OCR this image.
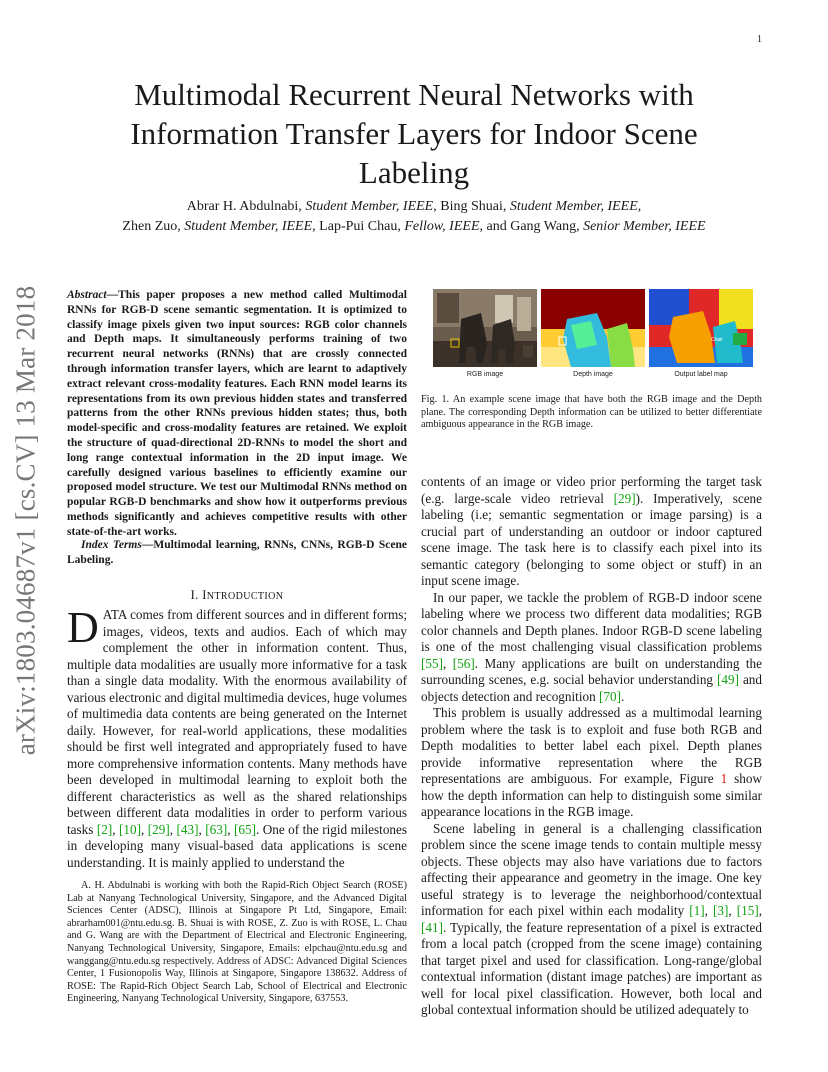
1
arXiv:1803.04687v1 [cs.CV] 13 Mar 2018
Multimodal Recurrent Neural Networks with Information Transfer Layers for Indoor Scene Labeling
Abrar H. Abdulnabi, Student Member, IEEE, Bing Shuai, Student Member, IEEE,
Zhen Zuo, Student Member, IEEE, Lap-Pui Chau, Fellow, IEEE, and Gang Wang, Senior Member, IEEE
Abstract—This paper proposes a new method called Multimodal RNNs for RGB-D scene semantic segmentation. It is optimized to classify image pixels given two input sources: RGB color channels and Depth maps. It simultaneously performs training of two recurrent neural networks (RNNs) that are crossly connected through information transfer layers, which are learnt to adaptively extract relevant cross-modality features. Each RNN model learns its representations from its own previous hidden states and transferred patterns from the other RNNs previous hidden states; thus, both model-specific and cross-modality features are retained. We exploit the structure of quad-directional 2D-RNNs to model the short and long range contextual information in the 2D input image. We carefully designed various baselines to efficiently examine our proposed model structure. We test our Multimodal RNNs method on popular RGB-D benchmarks and show how it outperforms previous methods significantly and achieves competitive results with other state-of-the-art works.
Index Terms—Multimodal learning, RNNs, CNNs, RGB-D Scene Labeling.
I. INTRODUCTION
DATA comes from different sources and in different forms; images, videos, texts and audios. Each of which may complement the other in information content. Thus, multiple data modalities are usually more informative for a task than a single data modality. With the enormous availability of various electronic and digital multimedia devices, huge volumes of multimedia data contents are being generated on the Internet daily. However, for real-world applications, these modalities should be first well integrated and appropriately fused to have more comprehensive information contents. Many methods have been developed in multimodal learning to exploit both the different characteristics as well as the shared relationships between different data modalities in order to perform various tasks [2], [10], [29], [43], [63], [65]. One of the rigid milestones in developing many visual-based data applications is scene understanding. It is mainly applied to understand the
A. H. Abdulnabi is working with both the Rapid-Rich Object Search (ROSE) Lab at Nanyang Technological University, Singapore, and the Advanced Digital Sciences Center (ADSC), Illinois at Singapore Pt Ltd, Singapore, Email: abrarham001@ntu.edu.sg. B. Shuai is with ROSE, Z. Zuo is with ROSE, L. Chau and G. Wang are with the Department of Electrical and Electronic Engineering, Nanyang Technological University, Singapore, Emails: elpchau@ntu.edu.sg and wanggang@ntu.edu.sg respectively. Address of ADSC: Advanced Digital Sciences Center, 1 Fusionopolis Way, Illinois at Singapore, Singapore 138632. Address of ROSE: The Rapid-Rich Object Search Lab, School of Electrical and Electronic Engineering, Nanyang Technological University, Singapore, 637553.
Chair
RGB image	Depth image	Output label map
Fig. 1. An example scene image that have both the RGB image and the Depth plane. The corresponding Depth information can be utilized to better differentiate ambiguous appearance in the RGB image.

contents of an image or video prior performing the target task (e.g. large-scale video retrieval [29]). Imperatively, scene labeling (i.e; semantic segmentation or image parsing) is a crucial part of understanding an outdoor or indoor captured scene image. The task here is to classify each pixel into its semantic category (belonging to some object or stuff) in an input scene image.

In our paper, we tackle the problem of RGB-D indoor scene labeling where we process two different data modalities; RGB color channels and Depth planes. Indoor RGB-D scene labeling is one of the most challenging visual classification problems [55], [56]. Many applications are built on understanding the surrounding scenes, e.g. social behavior understanding [49] and objects detection and recognition [70].

This problem is usually addressed as a multimodal learning problem where the task is to exploit and fuse both RGB and Depth modalities to better label each pixel. Depth planes provide informative representation where the RGB representations are ambiguous. For example, Figure 1 show how the depth information can help to distinguish some similar appearance locations in the RGB image.

Scene labeling in general is a challenging classification problem since the scene image tends to contain multiple messy objects. These objects may also have variations due to factors affecting their appearance and geometry in the image. One key useful strategy is to leverage the neighborhood/contextual information for each pixel within each modality [1], [3], [15], [41]. Typically, the feature representation of a pixel is extracted from a local patch (cropped from the scene image) containing that target pixel and used for classification. Long-range/global contextual information (distant image patches) are important as well for local pixel classification. However, both local and global contextual information should be utilized adequately to
